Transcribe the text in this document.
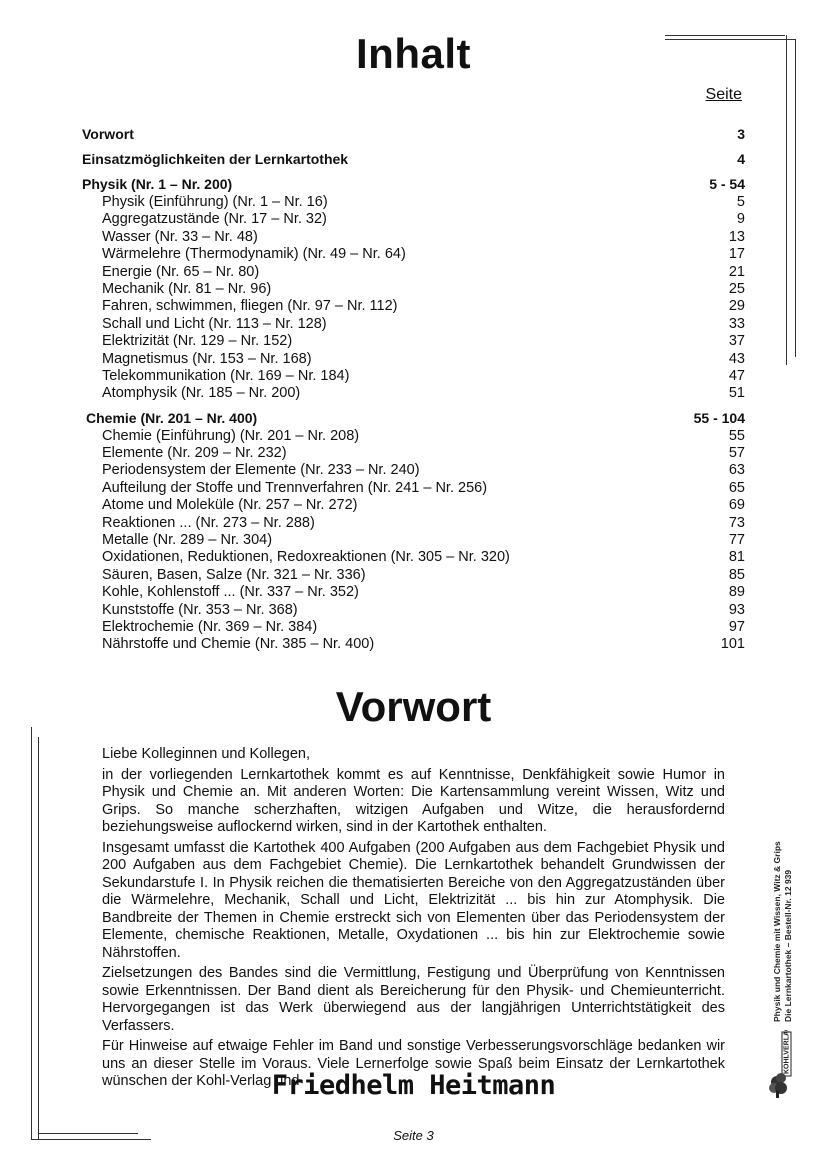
Inhalt
Seite
Vorwort	3
Einsatzmöglichkeiten der Lernkartothek	4
Physik (Nr. 1 – Nr. 200)	5 - 54
Physik (Einführung) (Nr. 1 – Nr. 16)	5
Aggregatzustände (Nr. 17 – Nr. 32)	9
Wasser (Nr. 33 – Nr. 48)	13
Wärmelehre (Thermodynamik) (Nr. 49 – Nr. 64)	17
Energie (Nr. 65 – Nr. 80)	21
Mechanik (Nr. 81 – Nr. 96)	25
Fahren, schwimmen, fliegen (Nr. 97 – Nr. 112)	29
Schall und Licht (Nr. 113 – Nr. 128)	33
Elektrizität (Nr. 129 – Nr. 152)	37
Magnetismus (Nr. 153 – Nr. 168)	43
Telekommunikation (Nr. 169 – Nr. 184)	47
Atomphysik (Nr. 185 – Nr. 200)	51
Chemie (Nr. 201 – Nr. 400)	55 - 104
Chemie (Einführung) (Nr. 201 – Nr. 208)	55
Elemente (Nr. 209 – Nr. 232)	57
Periodensystem der Elemente (Nr. 233 – Nr. 240)	63
Aufteilung der Stoffe und Trennverfahren (Nr. 241 – Nr. 256)	65
Atome und Moleküle (Nr. 257 – Nr. 272)	69
Reaktionen ... (Nr. 273 – Nr. 288)	73
Metalle (Nr. 289 – Nr. 304)	77
Oxidationen, Reduktionen, Redoxreaktionen (Nr. 305 – Nr. 320)	81
Säuren, Basen, Salze (Nr. 321 – Nr. 336)	85
Kohle, Kohlenstoff ... (Nr. 337 – Nr. 352)	89
Kunststoffe (Nr. 353 – Nr. 368)	93
Elektrochemie (Nr. 369 – Nr. 384)	97
Nährstoffe und Chemie (Nr. 385 – Nr. 400)	101
Vorwort

Liebe Kolleginnen und Kollegen,

in der vorliegenden Lernkartothek kommt es auf Kenntnisse, Denkfähigkeit sowie Humor in Physik und Chemie an. Mit anderen Worten: Die Kartensammlung vereint Wissen, Witz und Grips. So manche scherzhaften, witzigen Aufgaben und Witze, die herausfordernd beziehungsweise auflockernd wirken, sind in der Kartothek enthalten.

Insgesamt umfasst die Kartothek 400 Aufgaben (200 Aufgaben aus dem Fachgebiet Physik und 200 Aufgaben aus dem Fachgebiet Chemie). Die Lernkartothek behandelt Grundwissen der Sekundarstufe I. In Physik reichen die thematisierten Bereiche von den Aggregatzuständen über die Wärmelehre, Mechanik, Schall und Licht, Elektrizität ... bis hin zur Atomphysik. Die Bandbreite der Themen in Chemie erstreckt sich von Elementen über das Periodensystem der Elemente, chemische Reaktionen, Metalle, Oxydationen ... bis hin zur Elektrochemie sowie Nährstoffen.

Zielsetzungen des Bandes sind die Vermittlung, Festigung und Überprüfung von Kenntnissen sowie Erkenntnissen. Der Band dient als Bereicherung für den Physik- und Chemieunterricht. Hervorgegangen ist das Werk überwiegend aus der langjährigen Unterrichtstätigkeit des Verfassers.

Für Hinweise auf etwaige Fehler im Band und sonstige Verbesserungsvorschläge bedanken wir uns an dieser Stelle im Voraus. Viele Lernerfolge sowie Spaß beim Einsatz der Lernkartothek wünschen der Kohl-Verlag und

Friedhelm Heitmann
Seite 3
Physik und Chemie mit Wissen, Witz & Grips Die Lernkartothek – Bestell-Nr. 12 939
KOHLVERLAG
